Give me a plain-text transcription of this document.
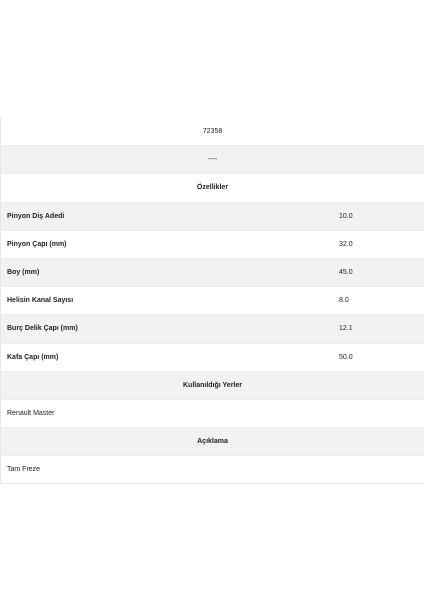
72358
----
Özellikler
Pinyon Diş Adedi	10.0
Pinyon Çapı (mm)	32.0
Boy (mm)	45.0
Helisin Kanal Sayısı	8.0
Burç Delik Çapı (mm)	12.1
Kafa Çapı (mm)	50.0
Kullanıldığı Yerler
Renault Master
Açıklama
Tam Freze
